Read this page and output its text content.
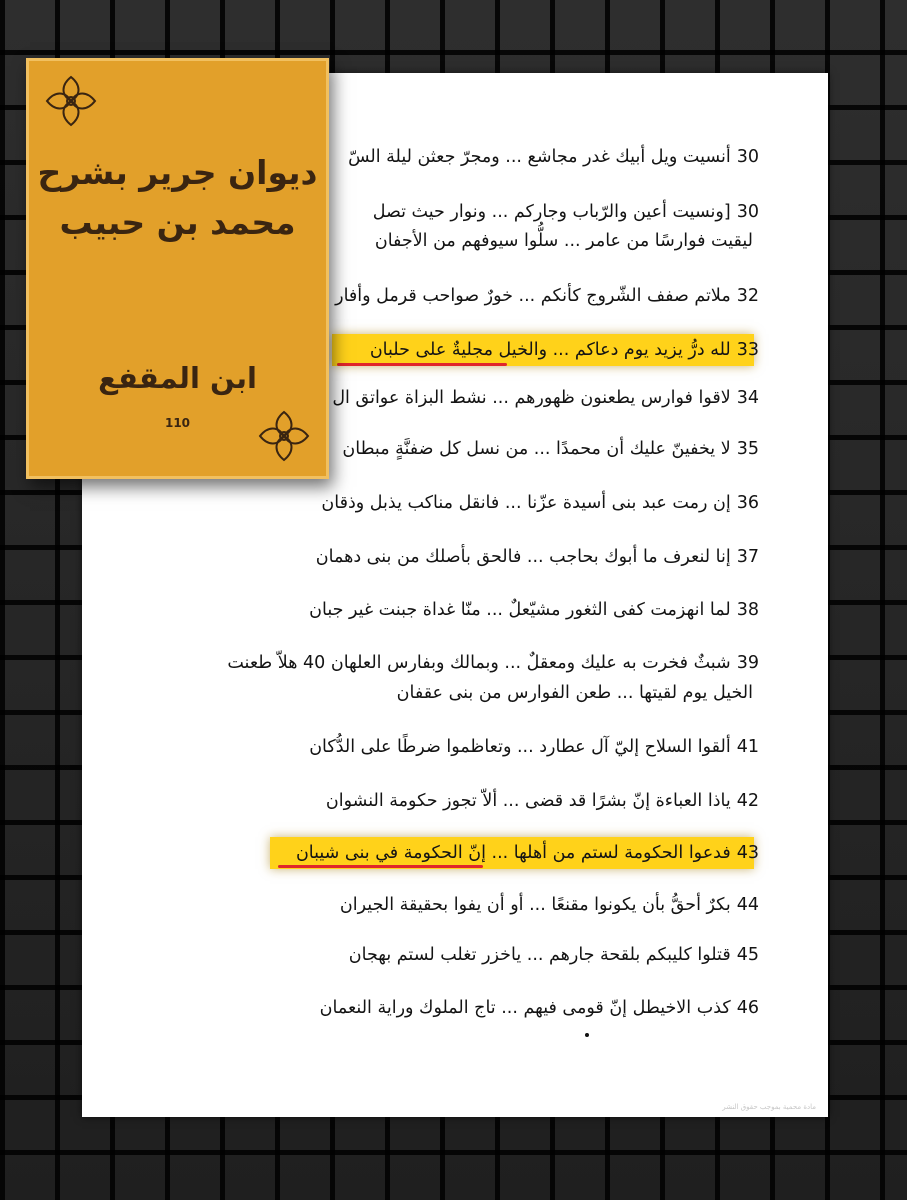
30أنسيت ويل أبيك غدر مجاشع ... ومجرّ جعثن ليلة السّ
30[ونسيت أعين والرّباب وجاركم ... ونوار حيث تصل
ليقيت فوارسًا من عامر ... سلُّوا سيوفهم من الأجفان
32ملاتم صفف الشّروج كأنكم ... خورٌ صواحب قرمل وأفار
33لله درُّ يزيد يوم دعاكم ... والخيل مجليةٌ على حلبان
34لاقوا فوارس يطعنون ظهورهم ... نشط البزاة عواتق ال
35لا يخفينّ عليك أن محمدًا ... من نسل كل ضفنَّةٍ مبطان
36إن رمت عبد بنى أسيدة عزّنا ... فانقل مناكب يذبل وذقان
37إنا لنعرف ما أبوك بحاجب ... فالحق بأصلك من بنى دهمان
38لما انهزمت كفى الثغور مشيّعلٌ ... منّا غداة جبنت غير جبان
39شبثٌ فخرت به عليك ومعقلٌ ... وبمالك وبفارس العلهان 40 هلاّ طعنت
الخيل يوم لقيتها ... طعن الفوارس من بنى عقفان
41ألقوا السلاح إليّ آل عطارد ... وتعاظموا ضرطًا على الدُّكان
42ياذا العباءة إنّ بشرًا قد قضى ... ألاّ تجوز حكومة النشوان
43فدعوا الحكومة لستم من أهلها ... إنّ الحكومة في بنى شيبان
44بكرٌ أحقُّ بأن يكونوا مقنعًا ... أو أن يفوا بحقيقة الجيران
45قتلوا كليبكم بلقحة جارهم ... ياخزر تغلب لستم بهجان
46كذب الاخيطل إنّ قومى فيهم ... تاج الملوك وراية النعمان
مادة محمية بموجب حقوق النشر
ديوان جرير بشرح
محمد بن حبيب
ابن المقفع
110
